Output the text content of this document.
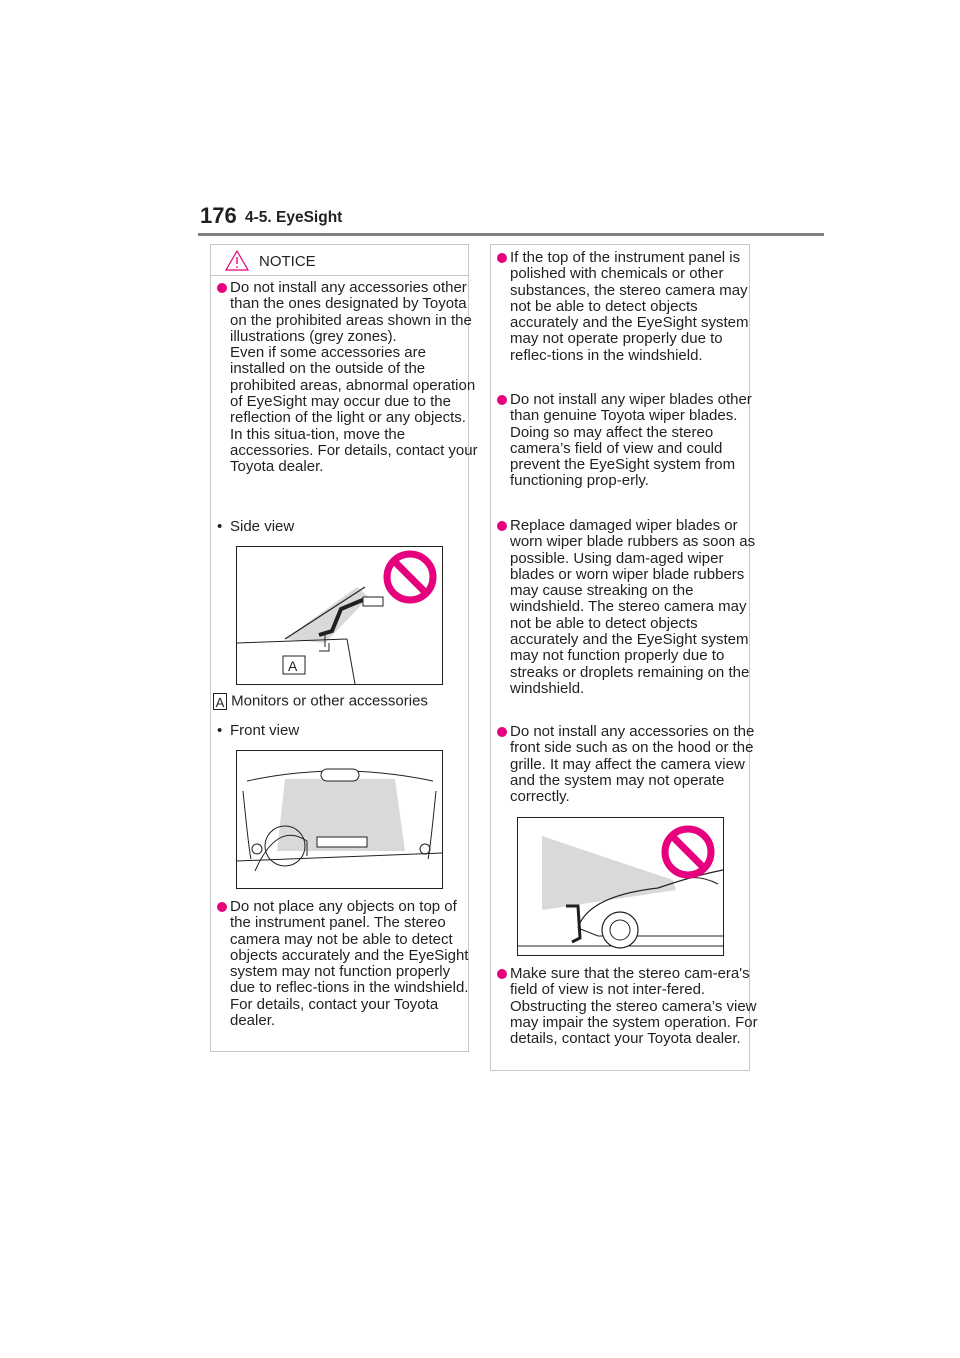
176 4-5. EyeSight
NOTICE
Do not install any accessories other than the ones designated by Toyota on the prohibited areas shown in the illustrations (grey zones).
Even if some accessories are installed on the outside of the prohibited areas, abnormal operation of EyeSight may occur due to the reflection of the light or any objects. In this situa-tion, move the accessories. For details, contact your Toyota dealer.
• Side view
A
A Monitors or other accessories
• Front view
Do not place any objects on top of the instrument panel. The stereo camera may not be able to detect objects accurately and the EyeSight system may not function properly due to reflec-tions in the windshield. For details, contact your Toyota dealer.
If the top of the instrument panel is polished with chemicals or other substances, the stereo camera may not be able to detect objects accurately and the EyeSight system may not operate properly due to reflec-tions in the windshield.
Do not install any wiper blades other than genuine Toyota wiper blades. Doing so may affect the stereo camera’s field of view and could prevent the EyeSight system from functioning prop-erly.
Replace damaged wiper blades or worn wiper blade rubbers as soon as possible. Using dam-aged wiper blades or worn wiper blade rubbers may cause streaking on the windshield. The stereo camera may not be able to detect objects accurately and the EyeSight system may not function properly due to streaks or droplets remaining on the windshield.
Do not install any accessories on the front side such as on the hood or the grille. It may affect the camera view and the system may not operate correctly.
Make sure that the stereo cam-era's field of view is not inter-fered. Obstructing the stereo camera’s view may impair the system operation. For details, contact your Toyota dealer.
